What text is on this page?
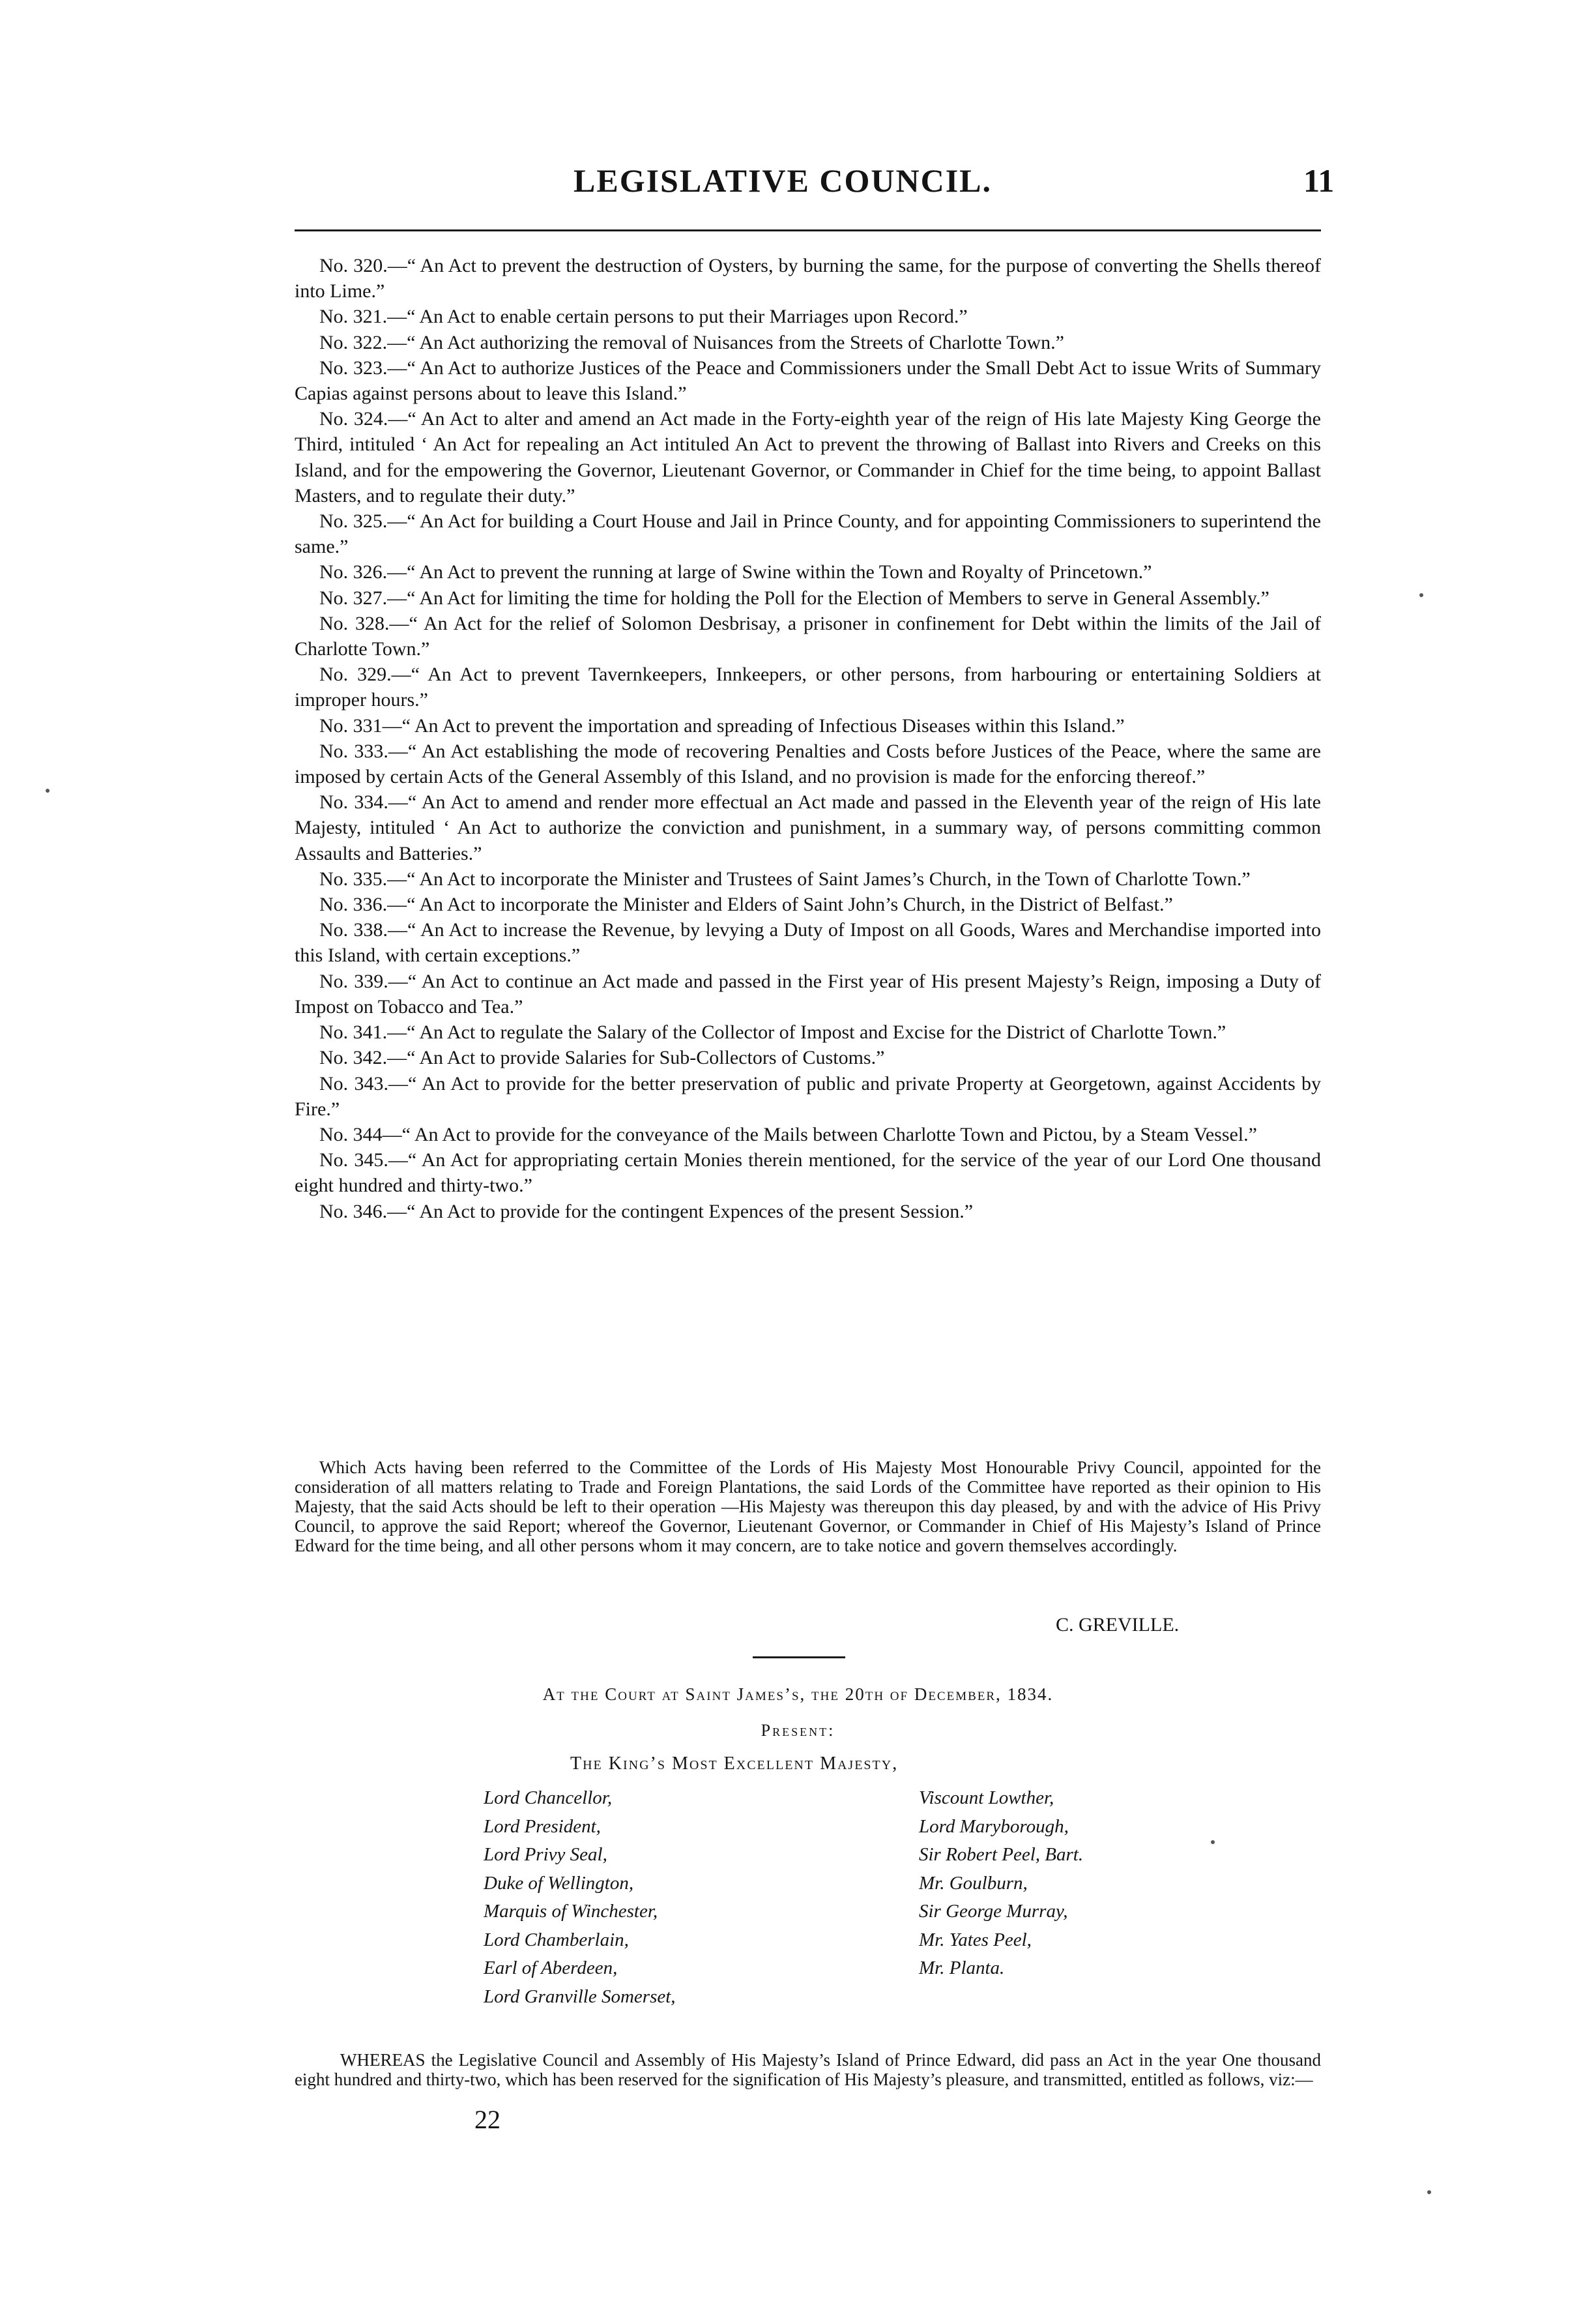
LEGISLATIVE COUNCIL.	11

No. 320.—“ An Act to prevent the destruction of Oysters, by burning the same, for the purpose of converting the Shells thereof into Lime.”

No. 321.—“ An Act to enable certain persons to put their Marriages upon Record.”

No. 322.—“ An Act authorizing the removal of Nuisances from the Streets of Charlotte Town.”

No. 323.—“ An Act to authorize Justices of the Peace and Commissioners under the Small Debt Act to issue Writs of Summary Capias against persons about to leave this Island.”

No. 324.—“ An Act to alter and amend an Act made in the Forty-eighth year of the reign of His late Majesty King George the Third, intituled ‘ An Act for repealing an Act intituled An Act to prevent the throwing of Ballast into Rivers and Creeks on this Island, and for the empowering the Governor, Lieutenant Governor, or Commander in Chief for the time being, to appoint Ballast Masters, and to regulate their duty.”

No. 325.—“ An Act for building a Court House and Jail in Prince County, and for appointing Commissioners to superintend the same.”

No. 326.—“ An Act to prevent the running at large of Swine within the Town and Royalty of Princetown.”

No. 327.—“ An Act for limiting the time for holding the Poll for the Election of Members to serve in General Assembly.”

No. 328.—“ An Act for the relief of Solomon Desbrisay, a prisoner in confinement for Debt within the limits of the Jail of Charlotte Town.”

No. 329.—“ An Act to prevent Tavernkeepers, Innkeepers, or other persons, from harbouring or entertaining Soldiers at improper hours.”

No. 331—“ An Act to prevent the importation and spreading of Infectious Diseases within this Island.”

No. 333.—“ An Act establishing the mode of recovering Penalties and Costs before Justices of the Peace, where the same are imposed by certain Acts of the General Assembly of this Island, and no provision is made for the enforcing thereof.”

No. 334.—“ An Act to amend and render more effectual an Act made and passed in the Eleventh year of the reign of His late Majesty, intituled ‘ An Act to authorize the conviction and punishment, in a summary way, of persons committing common Assaults and Batteries.”

No. 335.—“ An Act to incorporate the Minister and Trustees of Saint James’s Church, in the Town of Charlotte Town.”

No. 336.—“ An Act to incorporate the Minister and Elders of Saint John’s Church, in the District of Belfast.”

No. 338.—“ An Act to increase the Revenue, by levying a Duty of Impost on all Goods, Wares and Merchandise imported into this Island, with certain exceptions.”

No. 339.—“ An Act to continue an Act made and passed in the First year of His present Majesty’s Reign, imposing a Duty of Impost on Tobacco and Tea.”

No. 341.—“ An Act to regulate the Salary of the Collector of Impost and Excise for the District of Charlotte Town.”

No. 342.—“ An Act to provide Salaries for Sub-Collectors of Customs.”

No. 343.—“ An Act to provide for the better preservation of public and private Property at Georgetown, against Accidents by Fire.”

No. 344—“ An Act to provide for the conveyance of the Mails between Charlotte Town and Pictou, by a Steam Vessel.”

No. 345.—“ An Act for appropriating certain Monies therein mentioned, for the service of the year of our Lord One thousand eight hundred and thirty-two.”

No. 346.—“ An Act to provide for the contingent Expences of the present Session.”

Which Acts having been referred to the Committee of the Lords of His Majesty Most Honourable Privy Council, appointed for the consideration of all matters relating to Trade and Foreign Plantations, the said Lords of the Committee have reported as their opinion to His Majesty, that the said Acts should be left to their operation —His Majesty was thereupon this day pleased, by and with the advice of His Privy Council, to approve the said Report; whereof the Governor, Lieutenant Governor, or Commander in Chief of His Majesty’s Island of Prince Edward for the time being, and all other persons whom it may concern, are to take notice and govern themselves accordingly.

C. GREVILLE.
At the Court at Saint James’s, the 20th of December, 1834.
Present:
The King’s Most Excellent Majesty,
Lord Chancellor,
Lord President,
Lord Privy Seal,
Duke of Wellington,
Marquis of Winchester,
Lord Chamberlain,
Earl of Aberdeen,
Lord Granville Somerset,
Viscount Lowther,
Lord Maryborough,
Sir Robert Peel, Bart.
Mr. Goulburn,
Sir George Murray,
Mr. Yates Peel,
Mr. Planta.

WHEREAS the Legislative Council and Assembly of His Majesty’s Island of Prince Edward, did pass an Act in the year One thousand eight hundred and thirty-two, which has been reserved for the signification of His Majesty’s pleasure, and transmitted, entitled as follows, viz:—

22
